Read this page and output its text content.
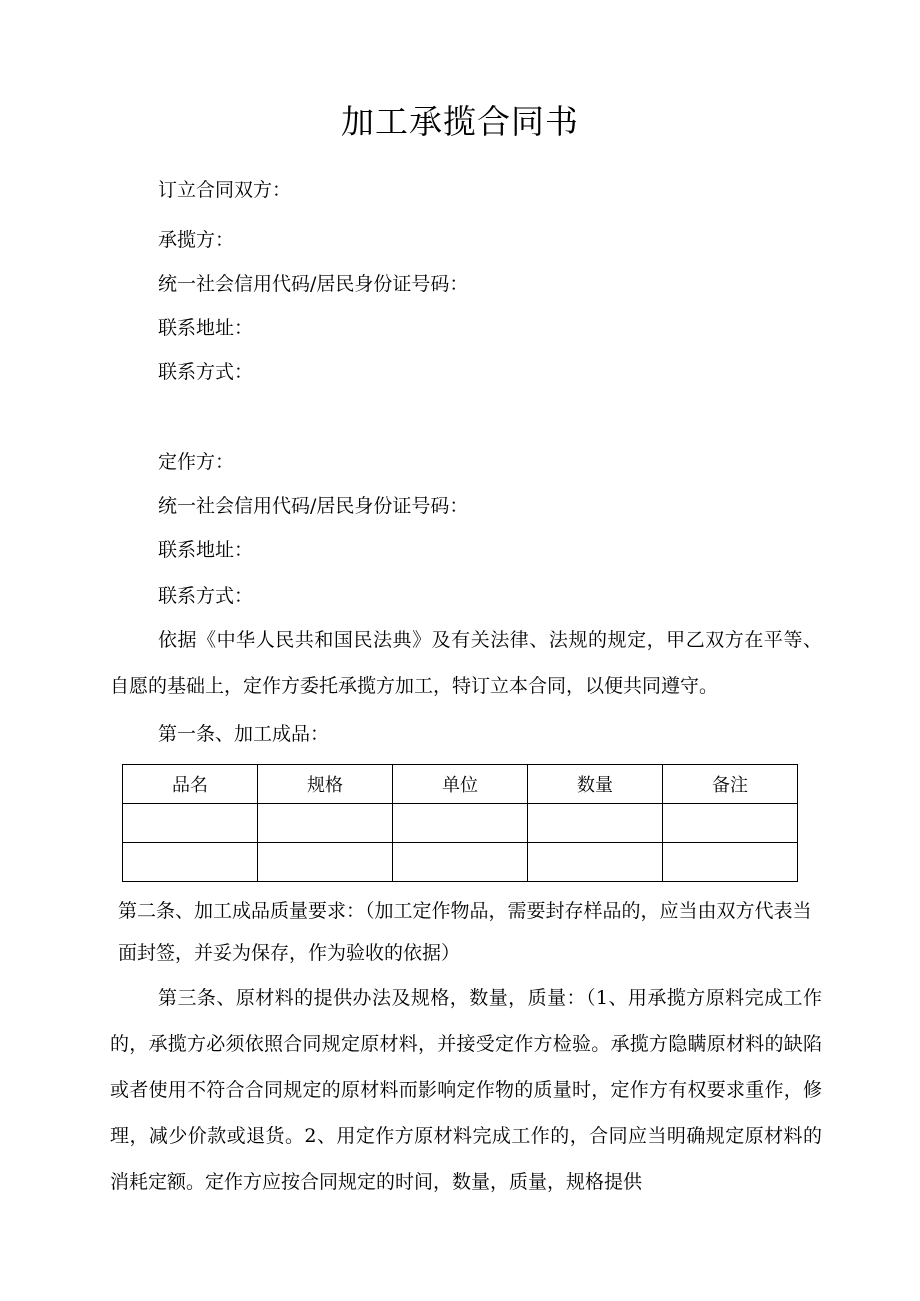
加工承揽合同书
订立合同双方：
承揽方：
统一社会信用代码/居民身份证号码：
联系地址：
联系方式：
定作方：
统一社会信用代码/居民身份证号码：
联系地址：
联系方式：

依据《中华人民共和国民法典》及有关法律、法规的规定，甲乙双方在平等、自愿的基础上，定作方委托承揽方加工，特订立本合同，以便共同遵守。

第一条、加工成品：
品名	规格	单位	数量	备注

第二条、加工成品质量要求：（加工定作物品，需要封存样品的，应当由双方代表当面封签，并妥为保存，作为验收的依据）

第三条、原材料的提供办法及规格，数量，质量：（1、用承揽方原料完成工作的，承揽方必须依照合同规定原材料，并接受定作方检验。承揽方隐瞒原材料的缺陷或者使用不符合合同规定的原材料而影响定作物的质量时，定作方有权要求重作，修理，减少价款或退货。2、用定作方原材料完成工作的，合同应当明确规定原材料的消耗定额。定作方应按合同规定的时间，数量，质量，规格提供
